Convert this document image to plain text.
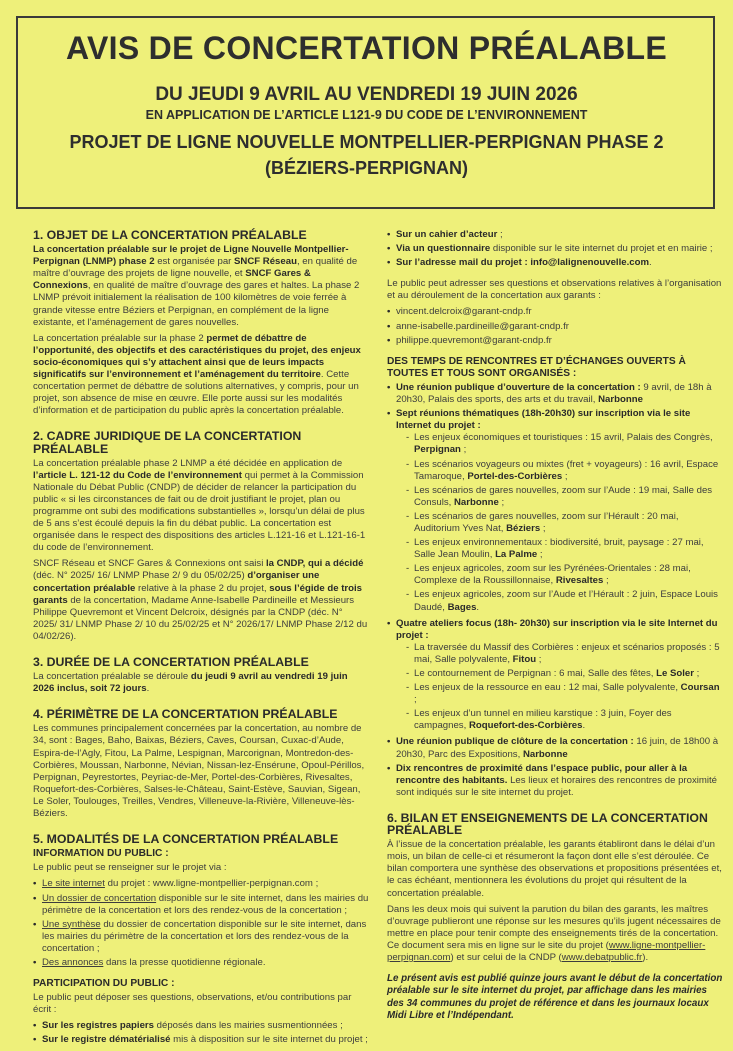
AVIS DE CONCERTATION PRÉALABLE
DU JEUDI 9 AVRIL AU VENDREDI 19 JUIN 2026
EN APPLICATION DE L’ARTICLE L121-9 DU CODE DE L’ENVIRONNEMENT
PROJET DE LIGNE NOUVELLE MONTPELLIER-PERPIGNAN PHASE 2
(BÉZIERS-PERPIGNAN)
1. OBJET DE LA CONCERTATION PRÉALABLE

La concertation préalable sur le projet de Ligne Nouvelle Montpellier-Perpignan (LNMP) phase 2 est organisée par SNCF Réseau, en qualité de maître d’ouvrage des projets de ligne nouvelle, et SNCF Gares & Connexions, en qualité de maître d’ouvrage des gares et haltes. La phase 2 LNMP prévoit initialement la réalisation de 100 kilomètres de voie ferrée à grande vitesse entre Béziers et Perpignan, en complément de la ligne existante, et l’aménagement de gares nouvelles.

La concertation préalable sur la phase 2 permet de débattre de l’opportunité, des objectifs et des caractéristiques du projet, des enjeux socio-économiques qui s’y attachent ainsi que de leurs impacts significatifs sur l’environnement et l’aménagement du territoire. Cette concertation permet de débattre de solutions alternatives, y compris, pour un projet, son absence de mise en œuvre. Elle porte aussi sur les modalités d’information et de participation du public après la concertation préalable.

2. CADRE JURIDIQUE DE LA CONCERTATION PRÉALABLE

La concertation préalable phase 2 LNMP a été décidée en application de l’article L. 121-12 du Code de l’environnement qui permet à la Commission Nationale du Débat Public (CNDP) de décider de relancer la participation du public « si les circonstances de fait ou de droit justifiant le projet, plan ou programme ont subi des modifications substantielles », lorsqu’un délai de plus de 5 ans s’est écoulé depuis la fin du débat public. La concertation est organisée dans le respect des dispositions des articles L.121-16 et L.121-16-1 du code de l’environnement.

SNCF Réseau et SNCF Gares & Connexions ont saisi la CNDP, qui a décidé (déc. N° 2025/ 16/ LNMP Phase 2/ 9 du 05/02/25) d’organiser une concertation préalable relative à la phase 2 du projet, sous l’égide de trois garants de la concertation, Madame Anne-Isabelle Pardineille et Messieurs Philippe Quevremont et Vincent Delcroix, désignés par la CNDP (déc. N° 2025/ 31/ LNMP Phase 2/ 10 du 25/02/25 et N° 2026/17/ LNMP Phase 2/12 du 04/02/26).

3. DURÉE DE LA CONCERTATION PRÉALABLE

La concertation préalable se déroule du jeudi 9 avril au vendredi 19 juin 2026 inclus, soit 72 jours.

4. PÉRIMÈTRE DE LA CONCERTATION PRÉALABLE

Les communes principalement concernées par la concertation, au nombre de 34, sont : Bages, Baho, Baixas, Béziers, Caves, Coursan, Cuxac-d’Aude, Espira-de-l’Agly, Fitou, La Palme, Lespignan, Marcorignan, Montredon-des-Corbières, Moussan, Narbonne, Névian, Nissan-lez-Ensérune, Opoul-Périllos, Perpignan, Peyrestortes, Peyriac-de-Mer, Portel-des-Corbières, Rivesaltes, Roquefort-des-Corbières, Salses-le-Château, Saint-Estève, Sauvian, Sigean, Le Soler, Toulouges, Treilles, Vendres, Villeneuve-la-Rivière, Villeneuve-lès-Béziers.

5. MODALITÉS DE LA CONCERTATION PRÉALABLE
INFORMATION DU PUBLIC :

Le public peut se renseigner sur le projet via :

• Le site internet du projet : www.ligne-montpellier-perpignan.com ;
• Un dossier de concertation disponible sur le site internet, dans les mairies du périmètre de la concertation et lors des rendez-vous de la concertation ;
• Une synthèse du dossier de concertation disponible sur le site internet, dans les mairies du périmètre de la concertation et lors des rendez-vous de la concertation ;
• Des annonces dans la presse quotidienne régionale.
PARTICIPATION DU PUBLIC :

Le public peut déposer ses questions, observations, et/ou contributions par écrit :

• Sur les registres papiers déposés dans les mairies susmentionnées ;
• Sur le registre dématérialisé mis à disposition sur le site internet du projet ;
• Sur un cahier d’acteur ;
• Via un questionnaire disponible sur le site internet du projet et en mairie ;
• Sur l’adresse mail du projet : info@lalignenouvelle.com.

Le public peut adresser ses questions et observations relatives à l’organisation et au déroulement de la concertation aux garants :

• vincent.delcroix@garant-cndp.fr
• anne-isabelle.pardineille@garant-cndp.fr
• philippe.quevremont@garant-cndp.fr
DES TEMPS DE RENCONTRES ET D’ÉCHANGES OUVERTS À TOUTES ET TOUS SONT ORGANISÉS :
• Une réunion publique d’ouverture de la concertation : 9 avril, de 18h à 20h30, Palais des sports, des arts et du travail, Narbonne
• Sept réunions thématiques (18h-20h30) sur inscription via le site Internet du projet :
- Les enjeux économiques et touristiques : 15 avril, Palais des Congrès, Perpignan ;
- Les scénarios voyageurs ou mixtes (fret + voyageurs) : 16 avril, Espace Tamaroque, Portel-des-Corbières ;
- Les scénarios de gares nouvelles, zoom sur l’Aude : 19 mai, Salle des Consuls, Narbonne ;
- Les scénarios de gares nouvelles, zoom sur l’Hérault : 20 mai, Auditorium Yves Nat, Béziers ;
- Les enjeux environnementaux : biodiversité, bruit, paysage : 27 mai, Salle Jean Moulin, La Palme ;
- Les enjeux agricoles, zoom sur les Pyrénées-Orientales : 28 mai, Complexe de la Roussillonnaise, Rivesaltes ;
- Les enjeux agricoles, zoom sur l’Aude et l’Hérault : 2 juin, Espace Louis Daudé, Bages.
• Quatre ateliers focus (18h- 20h30) sur inscription via le site Internet du projet :
- La traversée du Massif des Corbières : enjeux et scénarios proposés : 5 mai, Salle polyvalente, Fitou ;
- Le contournement de Perpignan : 6 mai, Salle des fêtes, Le Soler ;
- Les enjeux de la ressource en eau : 12 mai, Salle polyvalente, Coursan ;
- Les enjeux d’un tunnel en milieu karstique : 3 juin, Foyer des campagnes, Roquefort-des-Corbières.
• Une réunion publique de clôture de la concertation : 16 juin, de 18h00 à 20h30, Parc des Expositions, Narbonne
• Dix rencontres de proximité dans l’espace public, pour aller à la rencontre des habitants. Les lieux et horaires des rencontres de proximité sont indiqués sur le site internet du projet.
6. BILAN ET ENSEIGNEMENTS DE LA CONCERTATION PRÉALABLE

À l’issue de la concertation préalable, les garants établiront dans le délai d’un mois, un bilan de celle-ci et résumeront la façon dont elle s’est déroulée. Ce bilan comportera une synthèse des observations et propositions présentées et, le cas échéant, mentionnera les évolutions du projet qui résultent de la concertation préalable.

Dans les deux mois qui suivent la parution du bilan des garants, les maîtres d’ouvrage publieront une réponse sur les mesures qu’ils jugent nécessaires de mettre en place pour tenir compte des enseignements tirés de la concertation. Ce document sera mis en ligne sur le site du projet (www.ligne-montpellier-perpignan.com) et sur celui de la CNDP (www.debatpublic.fr).

Le présent avis est publié quinze jours avant le début de la concertation préalable sur le site internet du projet, par affichage dans les mairies des 34 communes du projet de référence et dans les journaux locaux Midi Libre et l’Indépendant.
